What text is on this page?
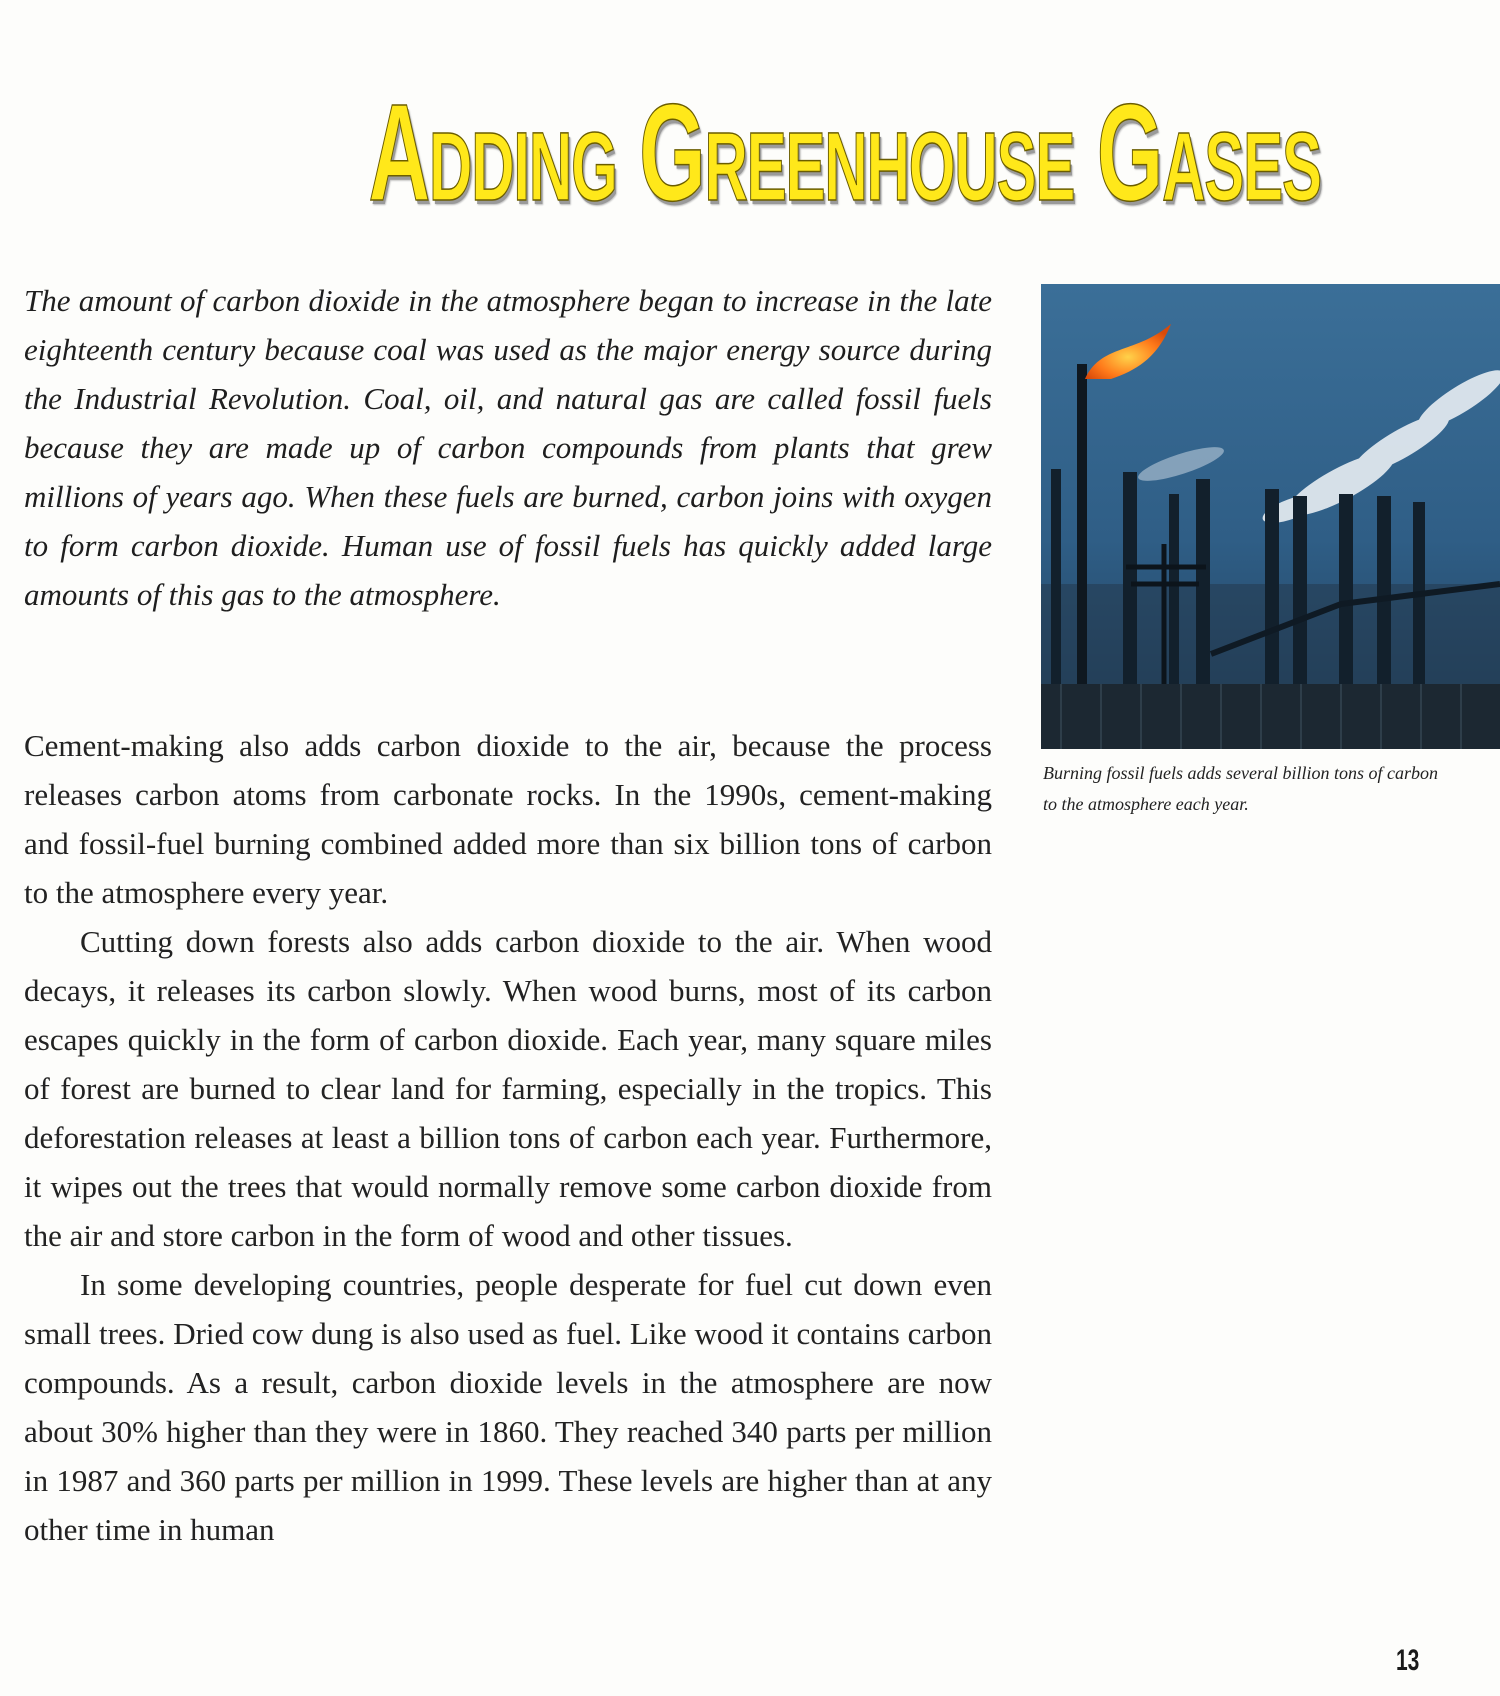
Adding Greenhouse Gases

The amount of carbon dioxide in the atmosphere began to increase in the late eighteenth century because coal was used as the major energy source during the Industrial Revolution. Coal, oil, and natural gas are called fossil fuels because they are made up of carbon compounds from plants that grew millions of years ago. When these fuels are burned, carbon joins with oxygen to form carbon dioxide. Human use of fossil fuels has quickly added large amounts of this gas to the atmosphere.

Cement-making also adds carbon dioxide to the air, because the process releases carbon atoms from carbonate rocks. In the 1990s, cement-making and fossil-fuel burning combined added more than six billion tons of carbon to the atmosphere every year.

Cutting down forests also adds carbon dioxide to the air. When wood decays, it releases its carbon slowly. When wood burns, most of its carbon escapes quickly in the form of carbon dioxide. Each year, many square miles of forest are burned to clear land for farming, especially in the tropics. This deforestation releases at least a billion tons of carbon each year. Furthermore, it wipes out the trees that would normally remove some carbon dioxide from the air and store carbon in the form of wood and other tissues.

In some developing countries, people desperate for fuel cut down even small trees. Dried cow dung is also used as fuel. Like wood it contains carbon compounds. As a result, carbon dioxide levels in the atmosphere are now about 30% higher than they were in 1860. They reached 340 parts per million in 1987 and 360 parts per million in 1999. These levels are higher than at any other time in human

Burning fossil fuels adds several billion tons of carbon to the atmosphere each year.

13
